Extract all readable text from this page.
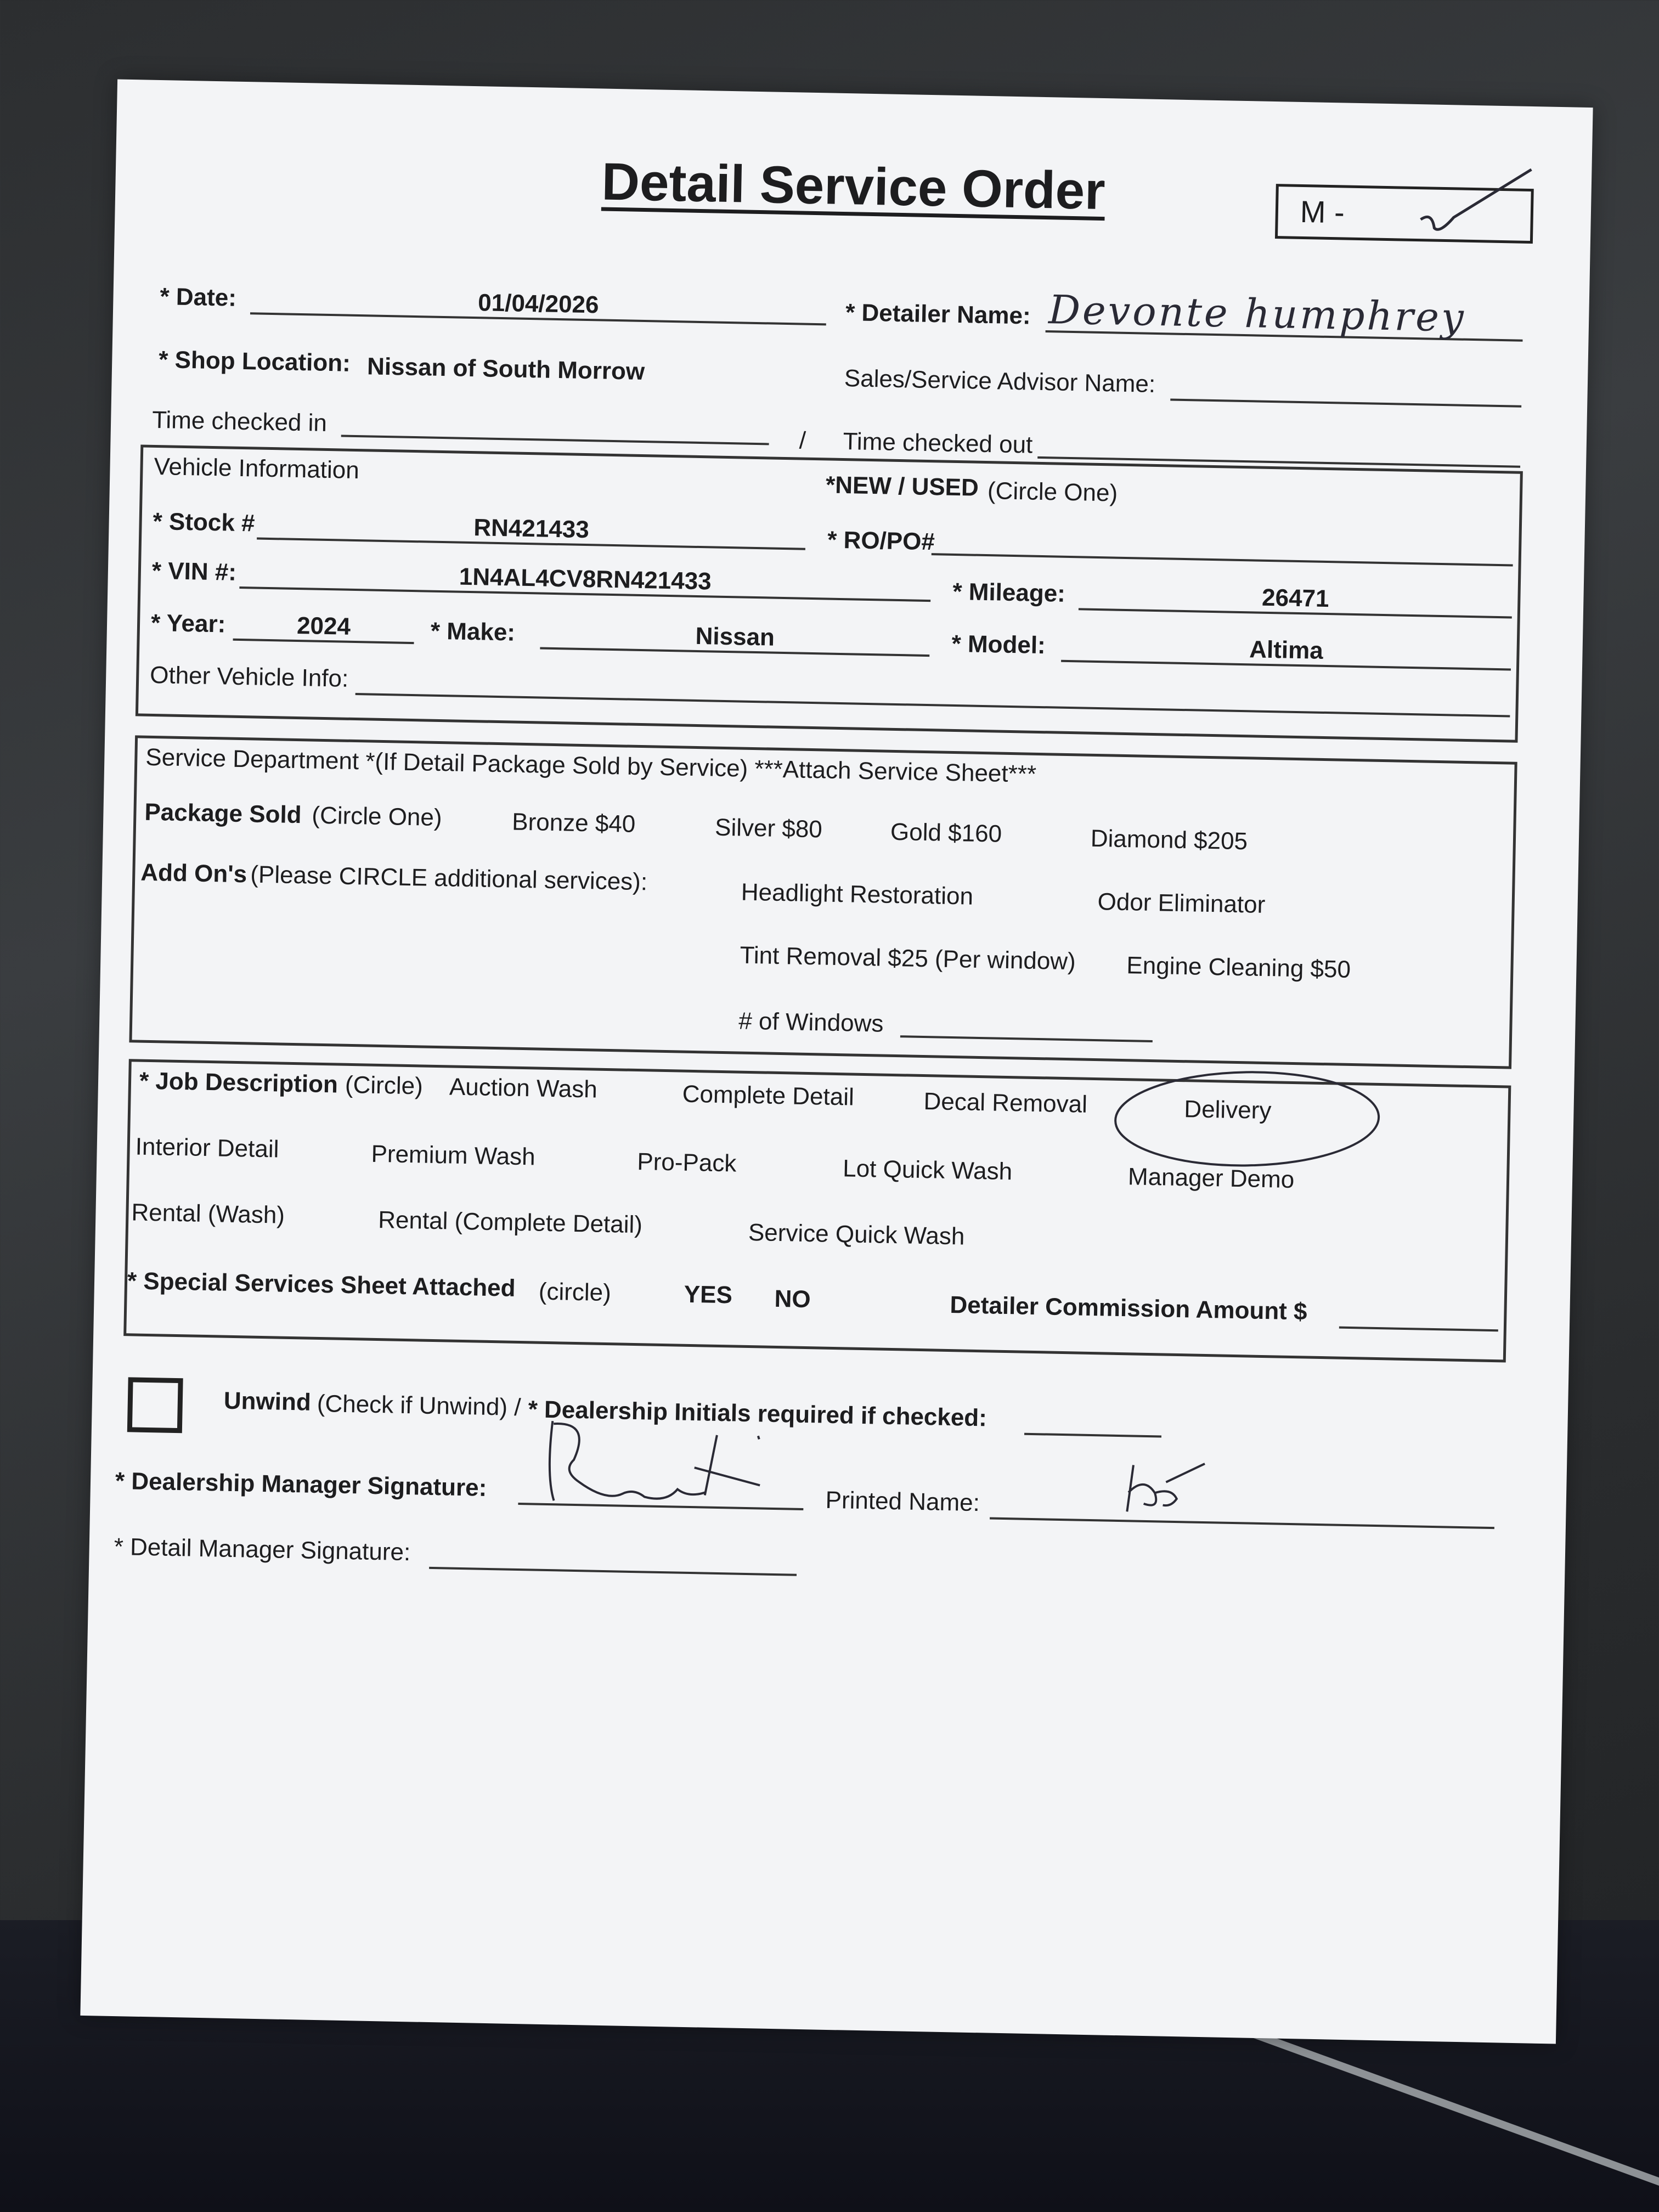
Detail Service Order	M -
* Date:	01/04/2026	* Detailer Name: Devonte humphrey
* Shop Location: Nissan of South Morrow	Sales/Service Advisor Name:
Time checked in
/ Time checked out
Vehicle Information
*NEW / USED (Circle One)
* Stock #	RN421433	* RO/PO#
* VIN #:	1N4AL4CV8RN421433	* Mileage:	26471
* Year:	2024	* Make:	Nissan	* Model:	Altima
Other Vehicle Info:
Service Department *(If Detail Package Sold by Service) ***Attach Service Sheet***
Package Sold (Circle One)	Bronze $40	Silver $80	Gold $160	Diamond $205
Add On's (Please CIRCLE additional services):	Headlight Restoration	Odor Eliminator
Tint Removal $25 (Per window) Engine Cleaning $50
# of Windows
* Job Description (Circle) Auction Wash	Complete Detail	Decal Removal	Delivery
Interior Detail	Premium Wash	Pro-Pack	Lot Quick Wash	Manager Demo
Rental (Wash)	Rental (Complete Detail)	Service Quick Wash
* Special Services Sheet Attached (circle)	YES NO	Detailer Commission Amount $
Unwind (Check if Unwind) / * Dealership Initials required if checked:
* Dealership Manager Signature:
Printed Name:
* Detail Manager Signature:
